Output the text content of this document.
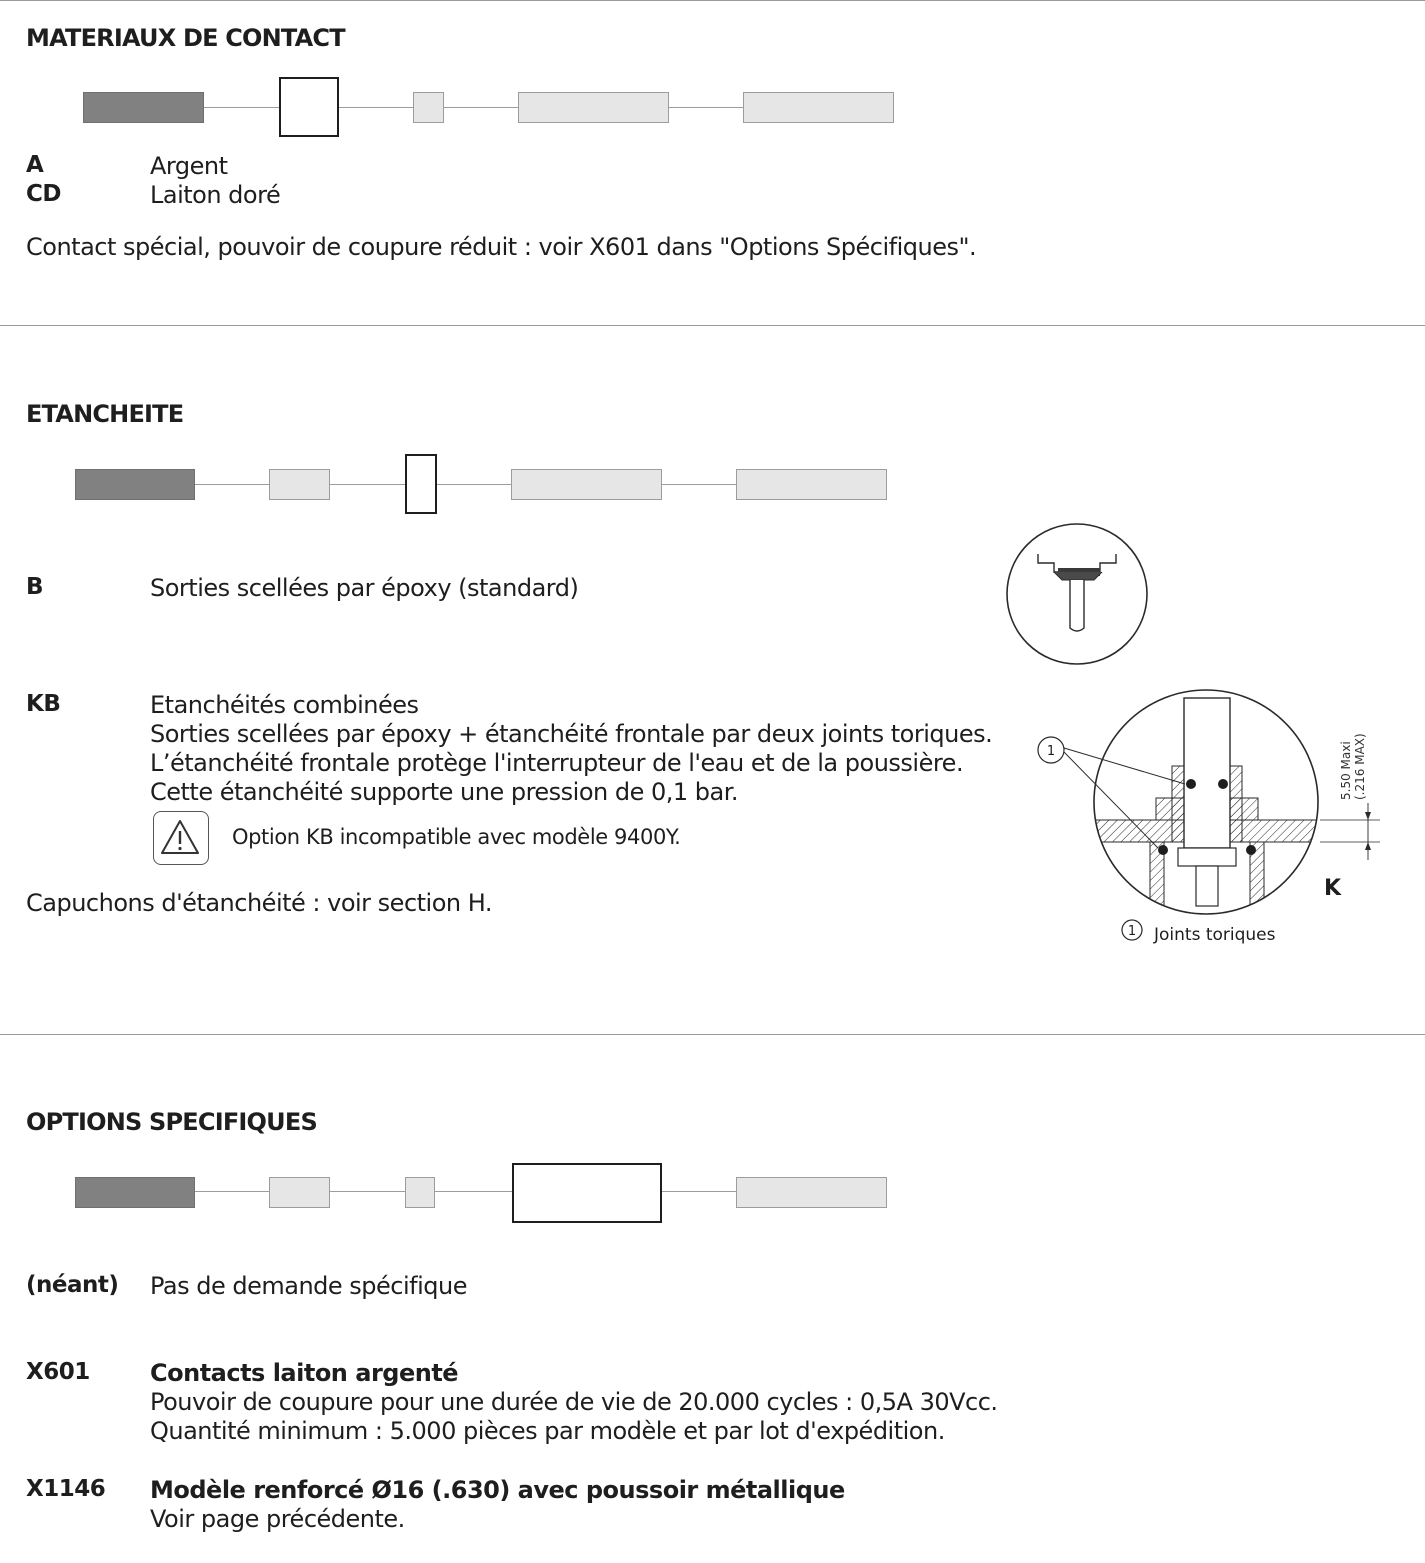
MATERIAUX DE CONTACT
A	Argent
CD	Laiton doré
Contact spécial, pouvoir de coupure réduit : voir X601 dans "Options Spécifiques".
ETANCHEITE
B	Sorties scellées par époxy (standard)
KB	Etanchéités combinées
Sorties scellées par époxy + étanchéité frontale par deux joints toriques.
L’étanchéité frontale protège l'interrupteur de l'eau et de la poussière.
Cette étanchéité supporte une pression de 0,1 bar.
Option KB incompatible avec modèle 9400Y.
Capuchons d'étanchéité : voir section H.
1	5.50 Maxi (.216 MAX)
K
1 Joints toriques
OPTIONS SPECIFIQUES
(néant) Pas de demande spécifique
X601	Contacts laiton argenté
Pouvoir de coupure pour une durée de vie de 20.000 cycles : 0,5A 30Vcc.
Quantité minimum : 5.000 pièces par modèle et par lot d'expédition.
X1146 Modèle renforcé Ø16 (.630) avec poussoir métallique
Voir page précédente.
